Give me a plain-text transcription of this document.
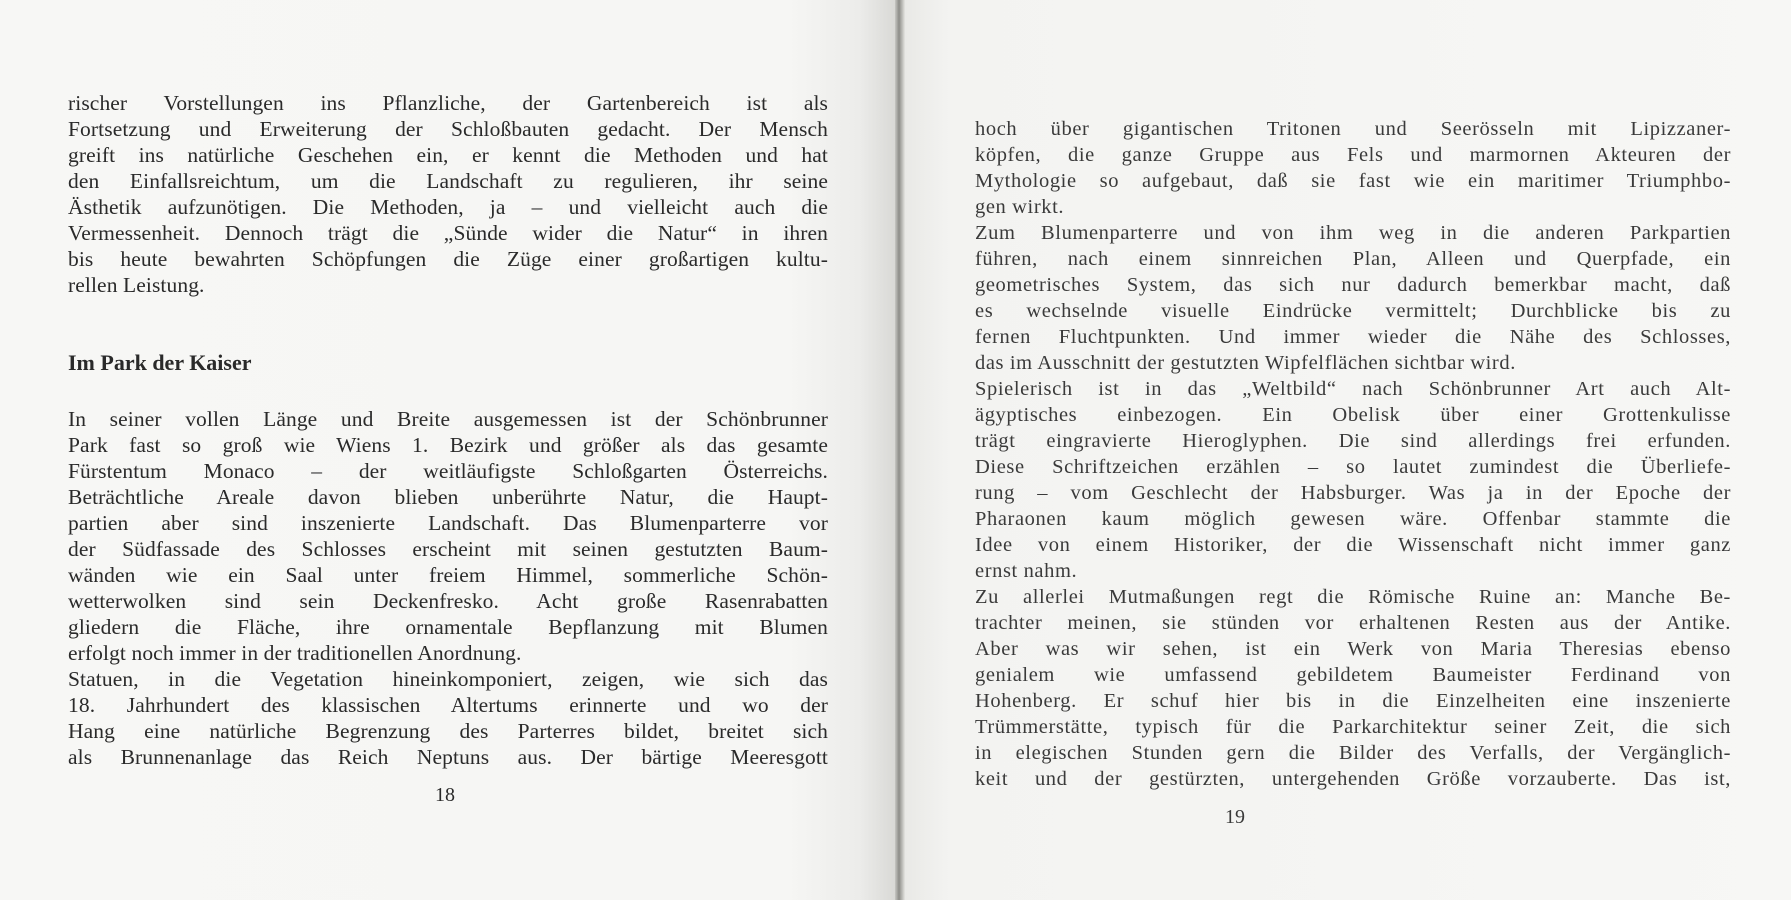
rischer Vorstellungen ins Pflanzliche, der Gartenbereich ist als
Fortsetzung und Erweiterung der Schloßbauten gedacht. Der Mensch
greift ins natürliche Geschehen ein, er kennt die Methoden und hat
den Einfallsreichtum, um die Landschaft zu regulieren, ihr seine
Ästhetik aufzunötigen. Die Methoden, ja – und vielleicht auch die
Vermessenheit. Dennoch trägt die „Sünde wider die Natur“ in ihren
bis heute bewahrten Schöpfungen die Züge einer großartigen kultu-
rellen Leistung.
Im Park der Kaiser
In seiner vollen Länge und Breite ausgemessen ist der Schönbrunner
Park fast so groß wie Wiens 1. Bezirk und größer als das gesamte
Fürstentum Monaco – der weitläufigste Schloßgarten Österreichs.
Beträchtliche Areale davon blieben unberührte Natur, die Haupt-
partien aber sind inszenierte Landschaft. Das Blumenparterre vor
der Südfassade des Schlosses erscheint mit seinen gestutzten Baum-
wänden wie ein Saal unter freiem Himmel, sommerliche Schön-
wetterwolken sind sein Deckenfresko. Acht große Rasenrabatten
gliedern die Fläche, ihre ornamentale Bepflanzung mit Blumen
erfolgt noch immer in der traditionellen Anordnung.
Statuen, in die Vegetation hineinkomponiert, zeigen, wie sich das
18. Jahrhundert des klassischen Altertums erinnerte und wo der
Hang eine natürliche Begrenzung des Parterres bildet, breitet sich
als Brunnenanlage das Reich Neptuns aus. Der bärtige Meeresgott
18
hoch über gigantischen Tritonen und Seerösseln mit Lipizzaner-
köpfen, die ganze Gruppe aus Fels und marmornen Akteuren der
Mythologie so aufgebaut, daß sie fast wie ein maritimer Triumphbo-
gen wirkt.
Zum Blumenparterre und von ihm weg in die anderen Parkpartien
führen, nach einem sinnreichen Plan, Alleen und Querpfade, ein
geometrisches System, das sich nur dadurch bemerkbar macht, daß
es wechselnde visuelle Eindrücke vermittelt; Durchblicke bis zu
fernen Fluchtpunkten. Und immer wieder die Nähe des Schlosses,
das im Ausschnitt der gestutzten Wipfelflächen sichtbar wird.
Spielerisch ist in das „Weltbild“ nach Schönbrunner Art auch Alt-
ägyptisches einbezogen. Ein Obelisk über einer Grottenkulisse
trägt eingravierte Hieroglyphen. Die sind allerdings frei erfunden.
Diese Schriftzeichen erzählen – so lautet zumindest die Überliefe-
rung – vom Geschlecht der Habsburger. Was ja in der Epoche der
Pharaonen kaum möglich gewesen wäre. Offenbar stammte die
Idee von einem Historiker, der die Wissenschaft nicht immer ganz
ernst nahm.
Zu allerlei Mutmaßungen regt die Römische Ruine an: Manche Be-
trachter meinen, sie stünden vor erhaltenen Resten aus der Antike.
Aber was wir sehen, ist ein Werk von Maria Theresias ebenso
genialem wie umfassend gebildetem Baumeister Ferdinand von
Hohenberg. Er schuf hier bis in die Einzelheiten eine inszenierte
Trümmerstätte, typisch für die Parkarchitektur seiner Zeit, die sich
in elegischen Stunden gern die Bilder des Verfalls, der Vergänglich-
keit und der gestürzten, untergehenden Größe vorzauberte. Das ist,
19
